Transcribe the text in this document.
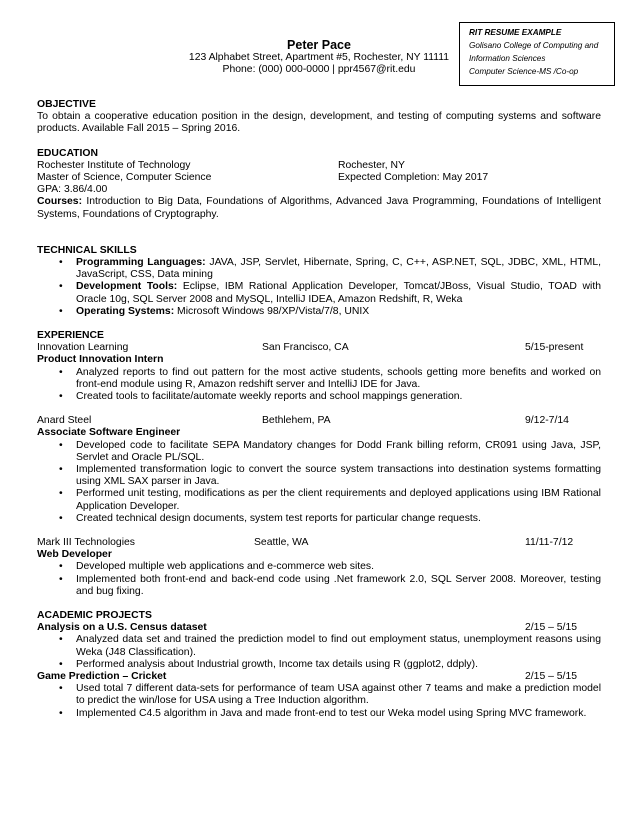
RIT RESUME EXAMPLE
Golisano College of Computing and
Information Sciences
Computer Science-MS /Co-op
Peter Pace
123 Alphabet Street, Apartment #5, Rochester, NY 11111
Phone: (000) 000-0000 | ppr4567@rit.edu
OBJECTIVE
To obtain a cooperative education position in the design, development, and testing of computing systems and software products. Available Fall 2015 – Spring 2016.
EDUCATION
Rochester Institute of Technology	Rochester, NY
Master of Science, Computer Science	Expected Completion: May 2017
GPA: 3.86/4.00
Courses: Introduction to Big Data, Foundations of Algorithms, Advanced Java Programming, Foundations of Intelligent Systems, Foundations of Cryptography.
TECHNICAL SKILLS
• Programming Languages: JAVA, JSP, Servlet, Hibernate, Spring, C, C++, ASP.NET, SQL, JDBC, XML, HTML, JavaScript, CSS, Data mining
• Development Tools: Eclipse, IBM Rational Application Developer, Tomcat/JBoss, Visual Studio, TOAD with Oracle 10g, SQL Server 2008 and MySQL, IntelliJ IDEA, Amazon Redshift, R, Weka
• Operating Systems: Microsoft Windows 98/XP/Vista/7/8, UNIX
EXPERIENCE
Innovation Learning	San Francisco, CA	5/15-present
Product Innovation Intern
• Analyzed reports to find out pattern for the most active students, schools getting more benefits and worked on front-end module using R, Amazon redshift server and IntelliJ IDE for Java.
• Created tools to facilitate/automate weekly reports and school mappings generation.
Anard Steel	Bethlehem, PA	9/12-7/14
Associate Software Engineer
• Developed code to facilitate SEPA Mandatory changes for Dodd Frank billing reform, CR091 using Java, JSP, Servlet and Oracle PL/SQL.
• Implemented transformation logic to convert the source system transactions into destination systems formatting using XML SAX parser in Java.
• Performed unit testing, modifications as per the client requirements and deployed applications using IBM Rational Application Developer.
• Created technical design documents, system test reports for particular change requests.
Mark III Technologies	Seattle, WA	11/11-7/12
Web Developer
• Developed multiple web applications and e-commerce web sites.
• Implemented both front-end and back-end code using .Net framework 2.0, SQL Server 2008. Moreover, testing and bug fixing.
ACADEMIC PROJECTS
Analysis on a U.S. Census dataset	2/15 – 5/15
• Analyzed data set and trained the prediction model to find out employment status, unemployment reasons using Weka (J48 Classification).
• Performed analysis about Industrial growth, Income tax details using R (ggplot2, ddply).
Game Prediction – Cricket	2/15 – 5/15
• Used total 7 different data-sets for performance of team USA against other 7 teams and make a prediction model to predict the win/lose for USA using a Tree Induction algorithm.
• Implemented C4.5 algorithm in Java and made front-end to test our Weka model using Spring MVC framework.
